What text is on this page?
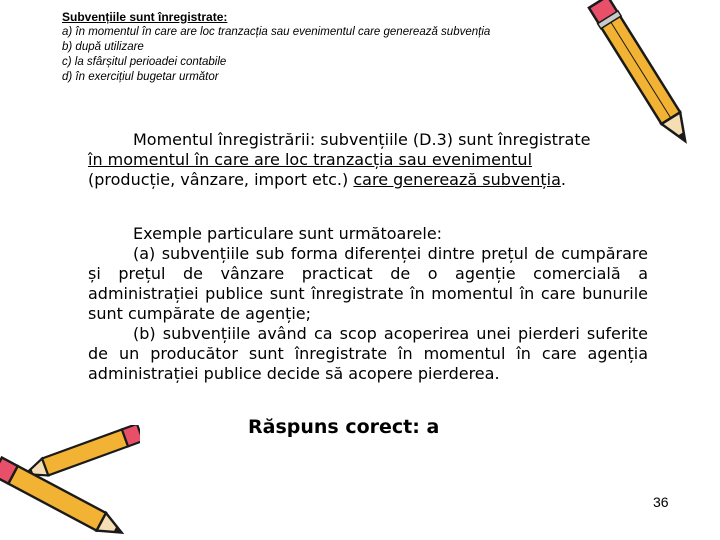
Subvențiile sunt înregistrate:
a) în momentul în care are loc tranzacția sau evenimentul care generează subvenția
b) după utilizare
c) la sfârșitul perioadei contabile
d) în exercițiul bugetar următor
Momentul înregistrării: subvențiile (D.3) sunt înregistrate
în momentul în care are loc tranzacția sau evenimentul
(producție, vânzare, import etc.) care generează subvenția.
Exemple particulare sunt următoarele:
(a) subvențiile sub forma diferenței dintre prețul de cumpărare și prețul de vânzare practicat de o agenție comercială a administrației publice sunt înregistrate în momentul în care bunurile sunt cumpărate de agenție;
(b) subvențiile având ca scop acoperirea unei pierderi suferite de un producător sunt înregistrate în momentul în care agenția administrației publice decide să acopere pierderea.
Răspuns corect: a
36
